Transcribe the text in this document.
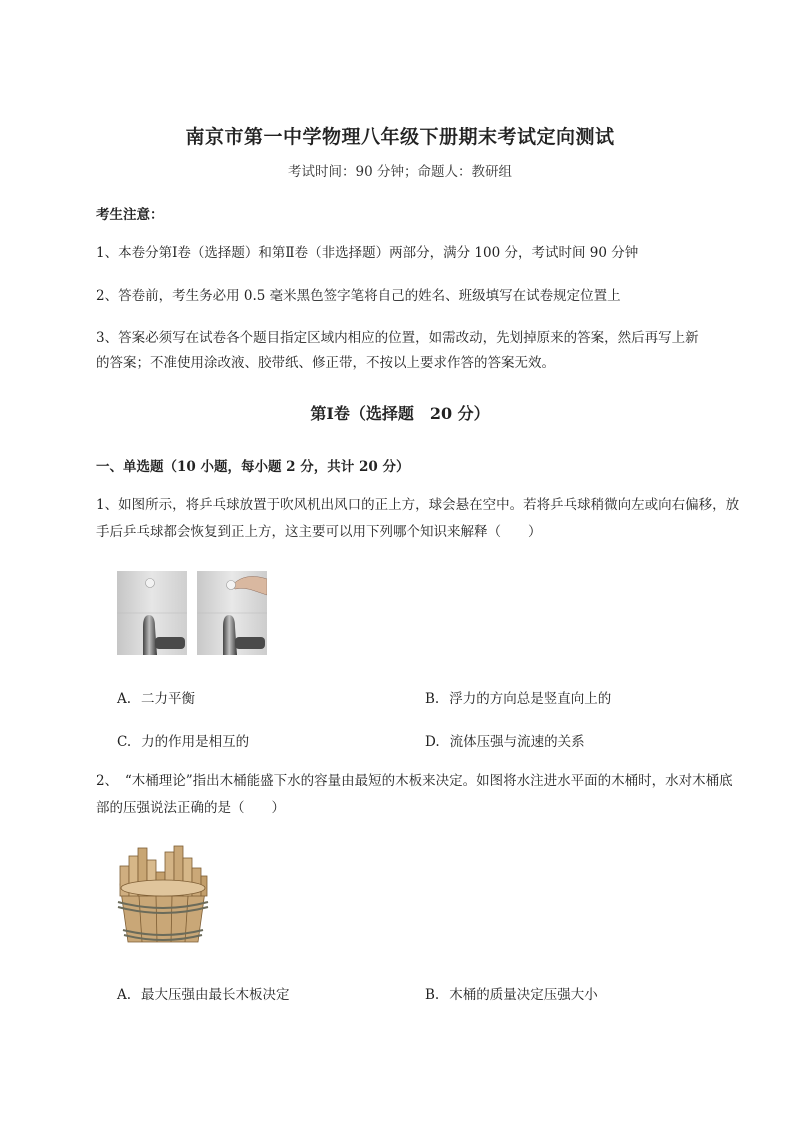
南京市第一中学物理八年级下册期末考试定向测试
考试时间：90 分钟；命题人：教研组
考生注意：
1、本卷分第Ⅰ卷（选择题）和第Ⅱ卷（非选择题）两部分，满分 100 分，考试时间 90 分钟
2、答卷前，考生务必用 0.5 毫米黑色签字笔将自己的姓名、班级填写在试卷规定位置上
3、答案必须写在试卷各个题目指定区域内相应的位置，如需改动，先划掉原来的答案，然后再写上新的答案；不准使用涂改液、胶带纸、修正带，不按以上要求作答的答案无效。
第Ⅰ卷（选择题　20 分）
一、单选题（10 小题，每小题 2 分，共计 20 分）
1、如图所示，将乒乓球放置于吹风机出风口的正上方，球会悬在空中。若将乒乓球稍微向左或向右偏移，放手后乒乓球都会恢复到正上方，这主要可以用下列哪个知识来解释（　　）
A. 二力平衡	B. 浮力的方向总是竖直向上的
C. 力的作用是相互的	D. 流体压强与流速的关系
2、　“木桶理论”指出木桶能盛下水的容量由最短的木板来决定。如图将水注进水平面的木桶时，水对木桶底部的压强说法正确的是（　　）
A. 最大压强由最长木板决定	B. 木桶的质量决定压强大小
